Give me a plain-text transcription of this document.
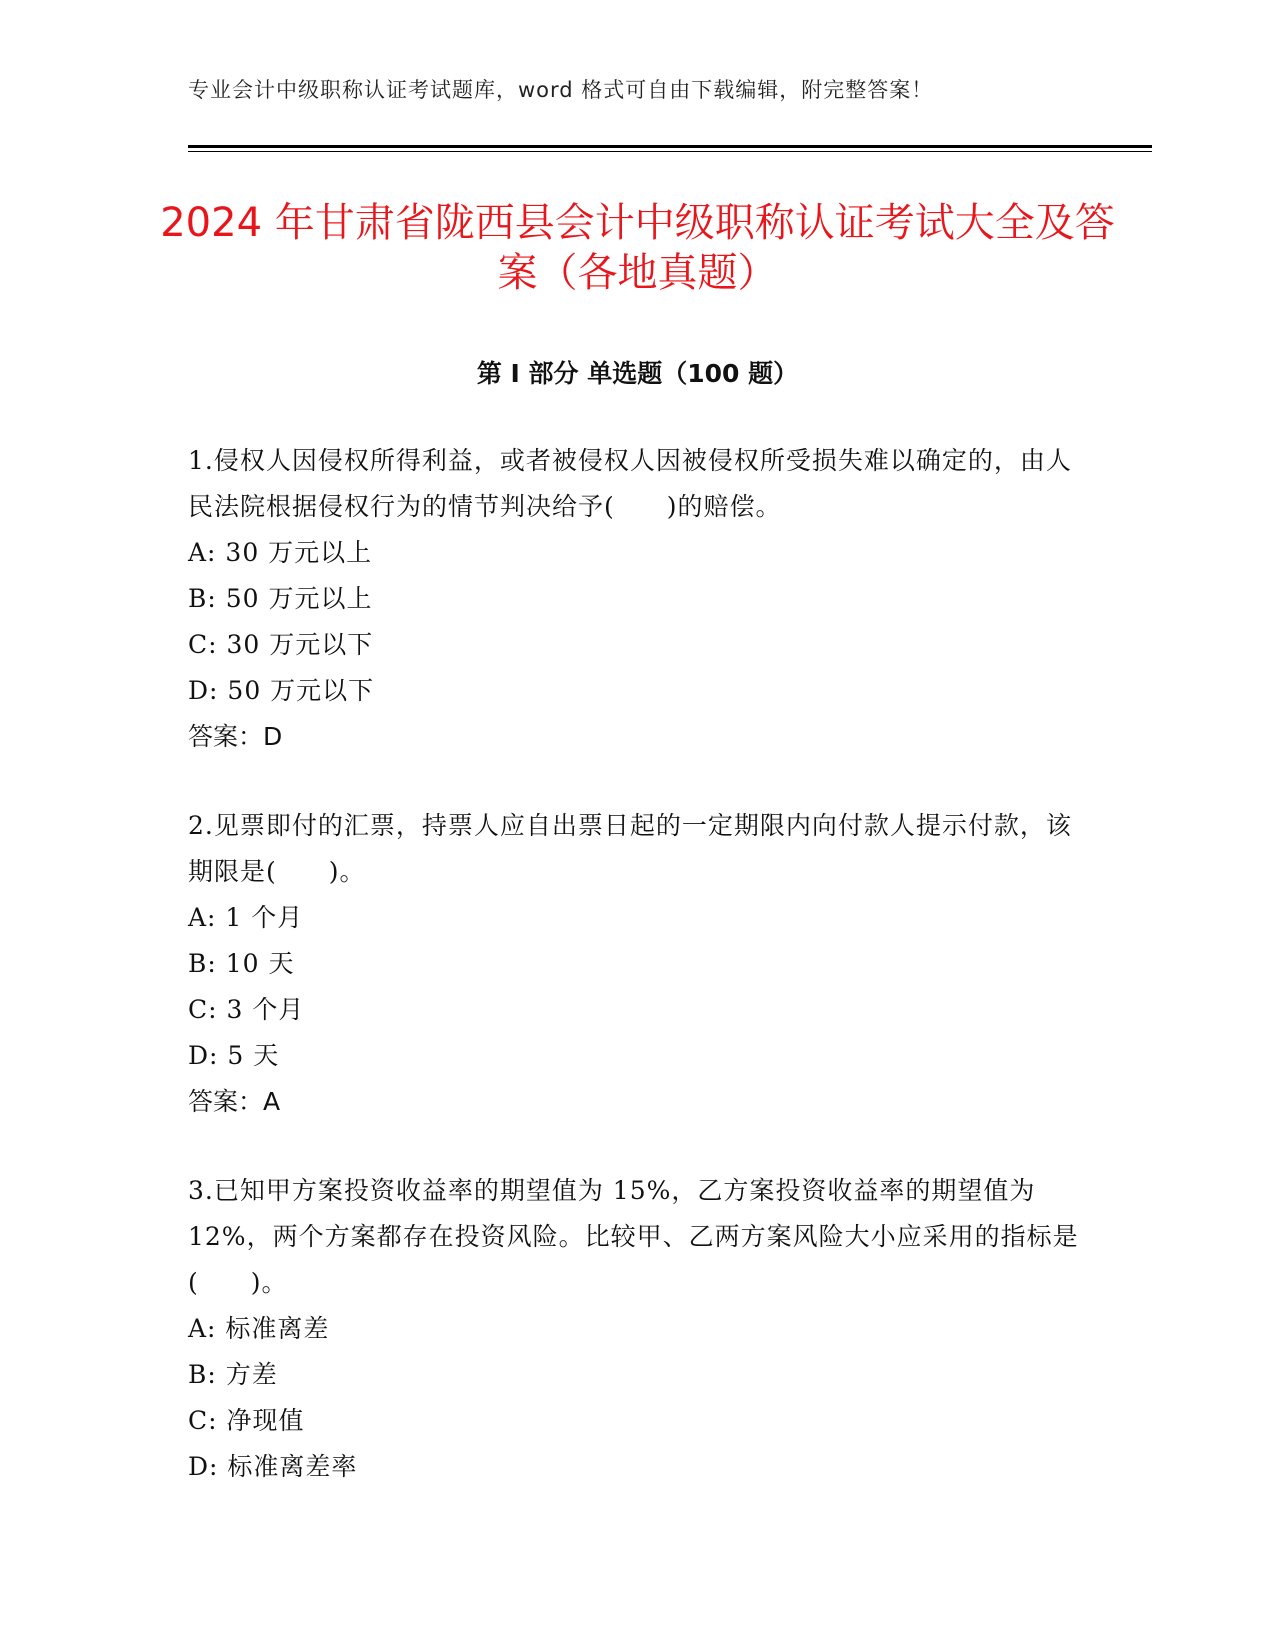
专业会计中级职称认证考试题库，word 格式可自由下载编辑，附完整答案！
2024 年甘肃省陇西县会计中级职称认证考试大全及答案（各地真题）
第 I 部分 单选题（100 题）

1.侵权人因侵权所得利益，或者被侵权人因被侵权所受损失难以确定的，由人民法院根据侵权行为的情节判决给予(　　)的赔偿。

A: 30 万元以上

B: 50 万元以上

C: 30 万元以下

D: 50 万元以下

答案：D

2.见票即付的汇票，持票人应自出票日起的一定期限内向付款人提示付款，该期限是(　　)。

A: 1 个月

B: 10 天

C: 3 个月

D: 5 天

答案：A

3.已知甲方案投资收益率的期望值为 15%，乙方案投资收益率的期望值为 12%，两个方案都存在投资风险。比较甲、乙两方案风险大小应采用的指标是(　　)。

A: 标准离差

B: 方差

C: 净现值

D: 标准离差率
